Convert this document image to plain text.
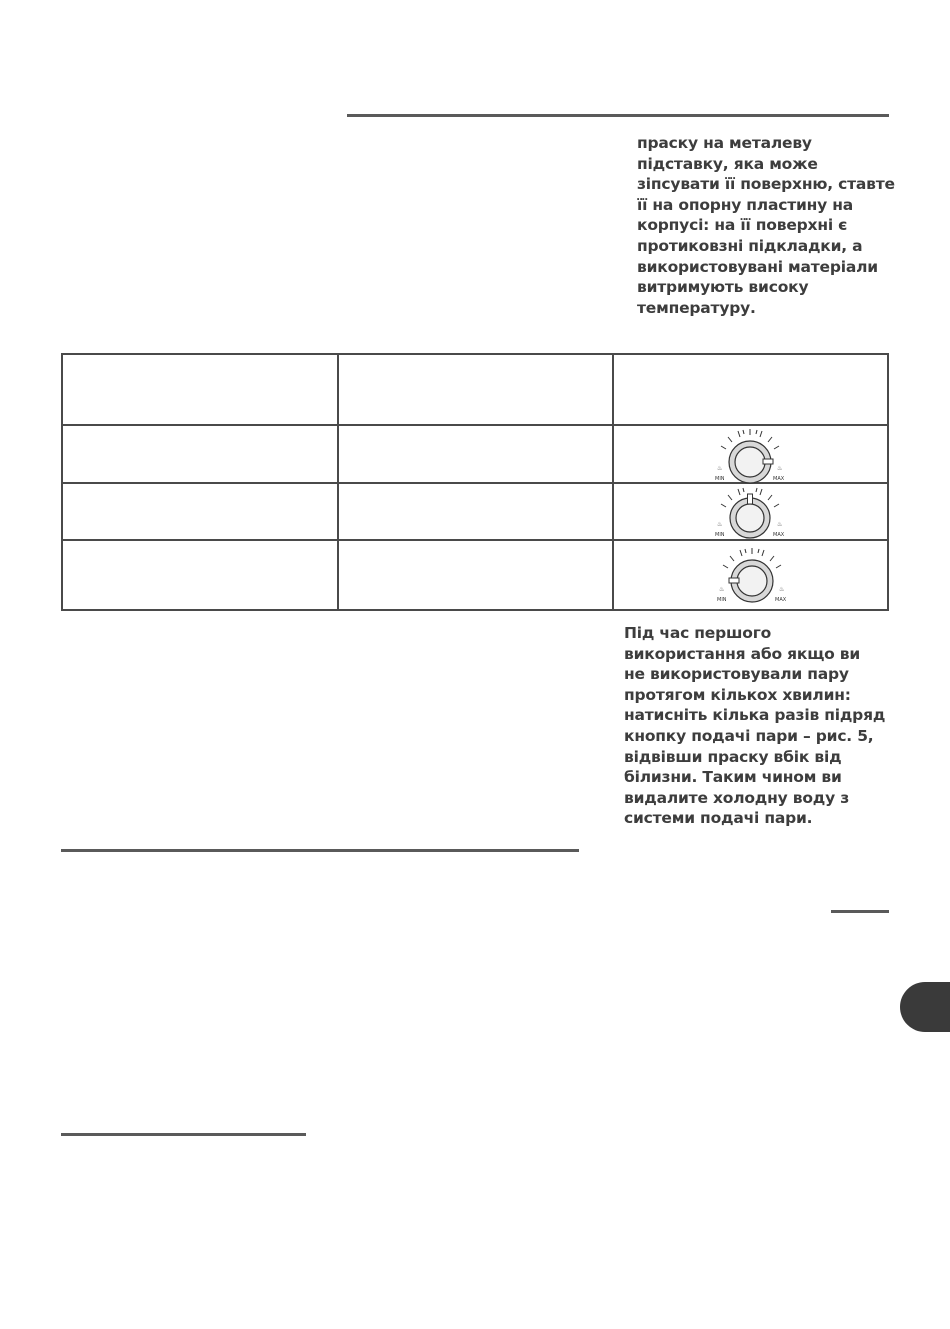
праску на металеву
підставку, яка може
зіпсувати її поверхню, ставте
її на опорну пластину на
корпусі: на її поверхні є
протиковзні підкладки, а
використовувані матеріали
витримують високу
температуру.
♨	♨
MIN	MAX
♨	♨
MIN	MAX
♨	♨
MIN	MAX
Під час першого
використання або якщо ви
не використовували пару
протягом кількох хвилин:
натисніть кілька разів підряд
кнопку подачі пари – рис. 5,
відвівши праску вбік від
білизни. Таким чином ви
видалите холодну воду з
системи подачі пари.
